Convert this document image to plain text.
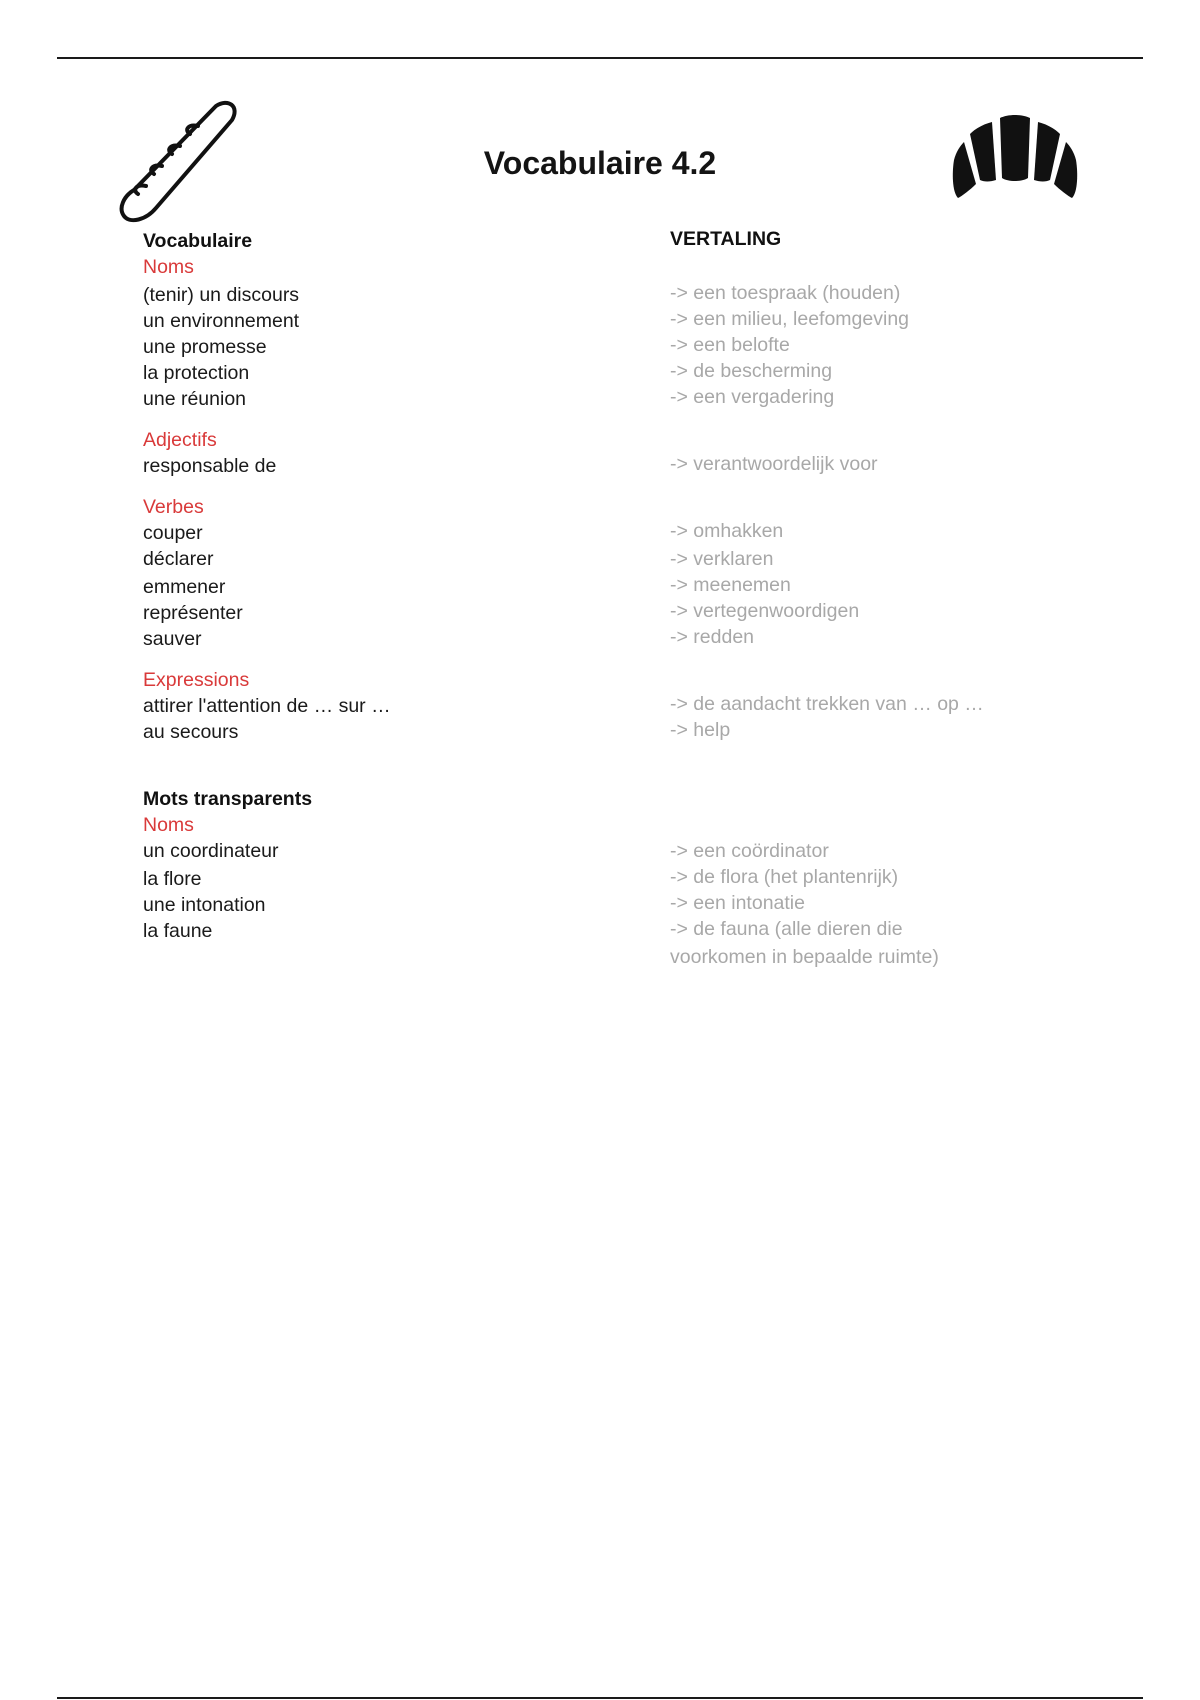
Vocabulaire 4.2
Vocabulaire
Noms
(tenir) un discours
un environnement
une promesse
la protection
une réunion
Adjectifs
responsable de
Verbes
couper
déclarer
emmener
représenter
sauver
Expressions
attirer l'attention de … sur …
au secours
Mots transparents
Noms
un coordinateur
la flore
une intonation
la faune
VERTALING
-> een toespraak (houden)
-> een milieu, leefomgeving
-> een belofte
-> de bescherming
-> een vergadering
-> verantwoordelijk voor
-> omhakken
-> verklaren
-> meenemen
-> vertegenwoordigen
-> redden
-> de aandacht trekken van … op …
-> help
-> een coördinator
-> de flora (het plantenrijk)
-> een intonatie
-> de fauna (alle dieren die
voorkomen in bepaalde ruimte)
